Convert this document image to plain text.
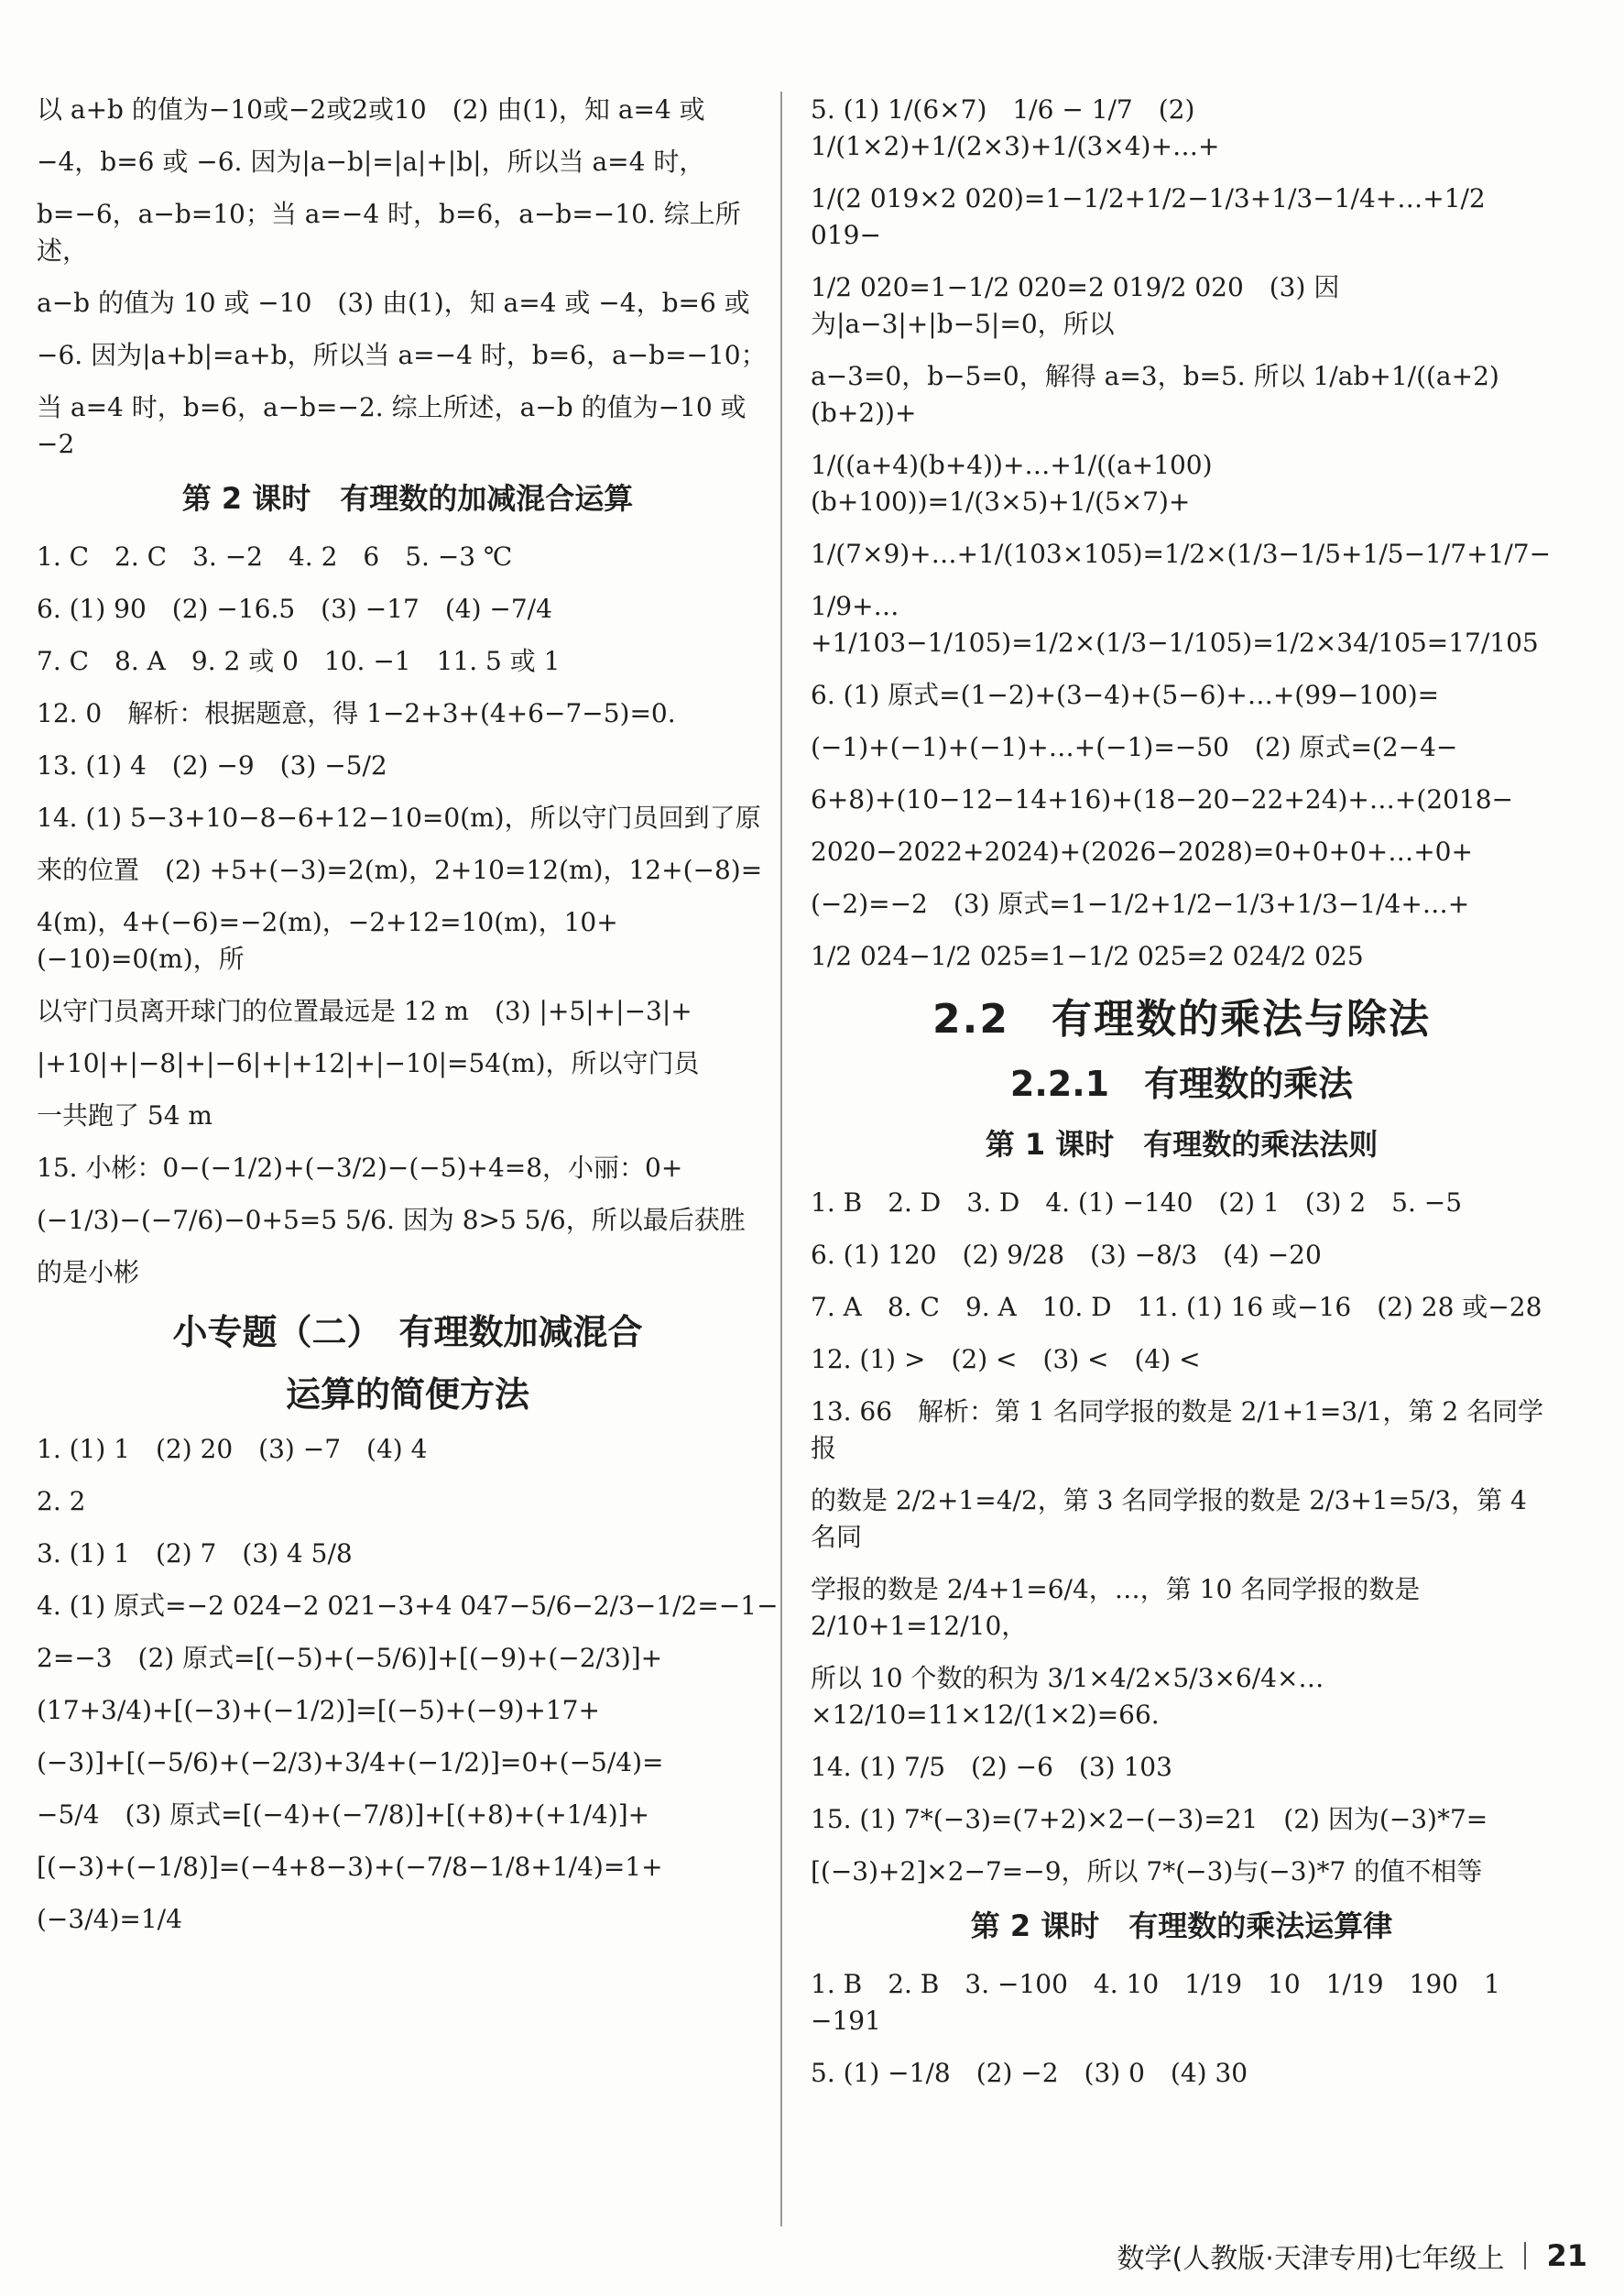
以 a+b 的值为−10或−2或2或10　(2) 由(1)，知 a=4 或
−4，b=6 或 −6. 因为|a−b|=|a|+|b|，所以当 a=4 时，
b=−6，a−b=10；当 a=−4 时，b=6，a−b=−10. 综上所述，
a−b 的值为 10 或 −10　(3) 由(1)，知 a=4 或 −4，b=6 或
−6. 因为|a+b|=a+b，所以当 a=−4 时，b=6，a−b=−10；
当 a=4 时，b=6，a−b=−2. 综上所述，a−b 的值为−10 或−2
第 2 课时　有理数的加减混合运算
1. C　2. C　3. −2　4. 2　6　5. −3 ℃
6. (1) 90　(2) −16.5　(3) −17　(4) −7/4
7. C　8. A　9. 2 或 0　10. −1　11. 5 或 1
12. 0　解析：根据题意，得 1−2+3+(4+6−7−5)=0.
13. (1) 4　(2) −9　(3) −5/2
14. (1) 5−3+10−8−6+12−10=0(m)，所以守门员回到了原
来的位置　(2) +5+(−3)=2(m)，2+10=12(m)，12+(−8)=
4(m)，4+(−6)=−2(m)，−2+12=10(m)，10+(−10)=0(m)，所
以守门员离开球门的位置最远是 12 m　(3) |+5|+|−3|+
|+10|+|−8|+|−6|+|+12|+|−10|=54(m)，所以守门员
一共跑了 54 m
15. 小彬：0−(−1/2)+(−3/2)−(−5)+4=8，小丽：0+
(−1/3)−(−7/6)−0+5=5 5/6. 因为 8>5 5/6，所以最后获胜
的是小彬
小专题（二）　有理数加减混合
运算的简便方法
1. (1) 1　(2) 20　(3) −7　(4) 4
2. 2
3. (1) 1　(2) 7　(3) 4 5/8
4. (1) 原式=−2 024−2 021−3+4 047−5/6−2/3−1/2=−1−
2=−3　(2) 原式=[(−5)+(−5/6)]+[(−9)+(−2/3)]+
(17+3/4)+[(−3)+(−1/2)]=[(−5)+(−9)+17+
(−3)]+[(−5/6)+(−2/3)+3/4+(−1/2)]=0+(−5/4)=
−5/4　(3) 原式=[(−4)+(−7/8)]+[(+8)+(+1/4)]+
[(−3)+(−1/8)]=(−4+8−3)+(−7/8−1/8+1/4)=1+
(−3/4)=1/4
5. (1) 1/(6×7)　1/6 − 1/7　(2) 1/(1×2)+1/(2×3)+1/(3×4)+…+
1/(2 019×2 020)=1−1/2+1/2−1/3+1/3−1/4+…+1/2 019−
1/2 020=1−1/2 020=2 019/2 020　(3) 因为|a−3|+|b−5|=0，所以
a−3=0，b−5=0，解得 a=3，b=5. 所以 1/ab+1/((a+2)(b+2))+
1/((a+4)(b+4))+…+1/((a+100)(b+100))=1/(3×5)+1/(5×7)+
1/(7×9)+…+1/(103×105)=1/2×(1/3−1/5+1/5−1/7+1/7−
1/9+…+1/103−1/105)=1/2×(1/3−1/105)=1/2×34/105=17/105
6. (1) 原式=(1−2)+(3−4)+(5−6)+…+(99−100)=
(−1)+(−1)+(−1)+…+(−1)=−50　(2) 原式=(2−4−
6+8)+(10−12−14+16)+(18−20−22+24)+…+(2018−
2020−2022+2024)+(2026−2028)=0+0+0+…+0+
(−2)=−2　(3) 原式=1−1/2+1/2−1/3+1/3−1/4+…+
1/2 024−1/2 025=1−1/2 025=2 024/2 025
2.2　有理数的乘法与除法
2.2.1　有理数的乘法
第 1 课时　有理数的乘法法则
1. B　2. D　3. D　4. (1) −140　(2) 1　(3) 2　5. −5
6. (1) 120　(2) 9/28　(3) −8/3　(4) −20
7. A　8. C　9. A　10. D　11. (1) 16 或−16　(2) 28 或−28
12. (1) >　(2) <　(3) <　(4) <
13. 66　解析：第 1 名同学报的数是 2/1+1=3/1，第 2 名同学报
的数是 2/2+1=4/2，第 3 名同学报的数是 2/3+1=5/3，第 4 名同
学报的数是 2/4+1=6/4，…，第 10 名同学报的数是 2/10+1=12/10，
所以 10 个数的积为 3/1×4/2×5/3×6/4×…×12/10=11×12/(1×2)=66.
14. (1) 7/5　(2) −6　(3) 103
15. (1) 7*(−3)=(7+2)×2−(−3)=21　(2) 因为(−3)*7=
[(−3)+2]×2−7=−9，所以 7*(−3)与(−3)*7 的值不相等
第 2 课时　有理数的乘法运算律
1. B　2. B　3. −100　4. 10　1/19　10　1/19　190　1　−191
5. (1) −1/8　(2) −2　(3) 0　(4) 30
数学(人教版·天津专用)七年级上 21
